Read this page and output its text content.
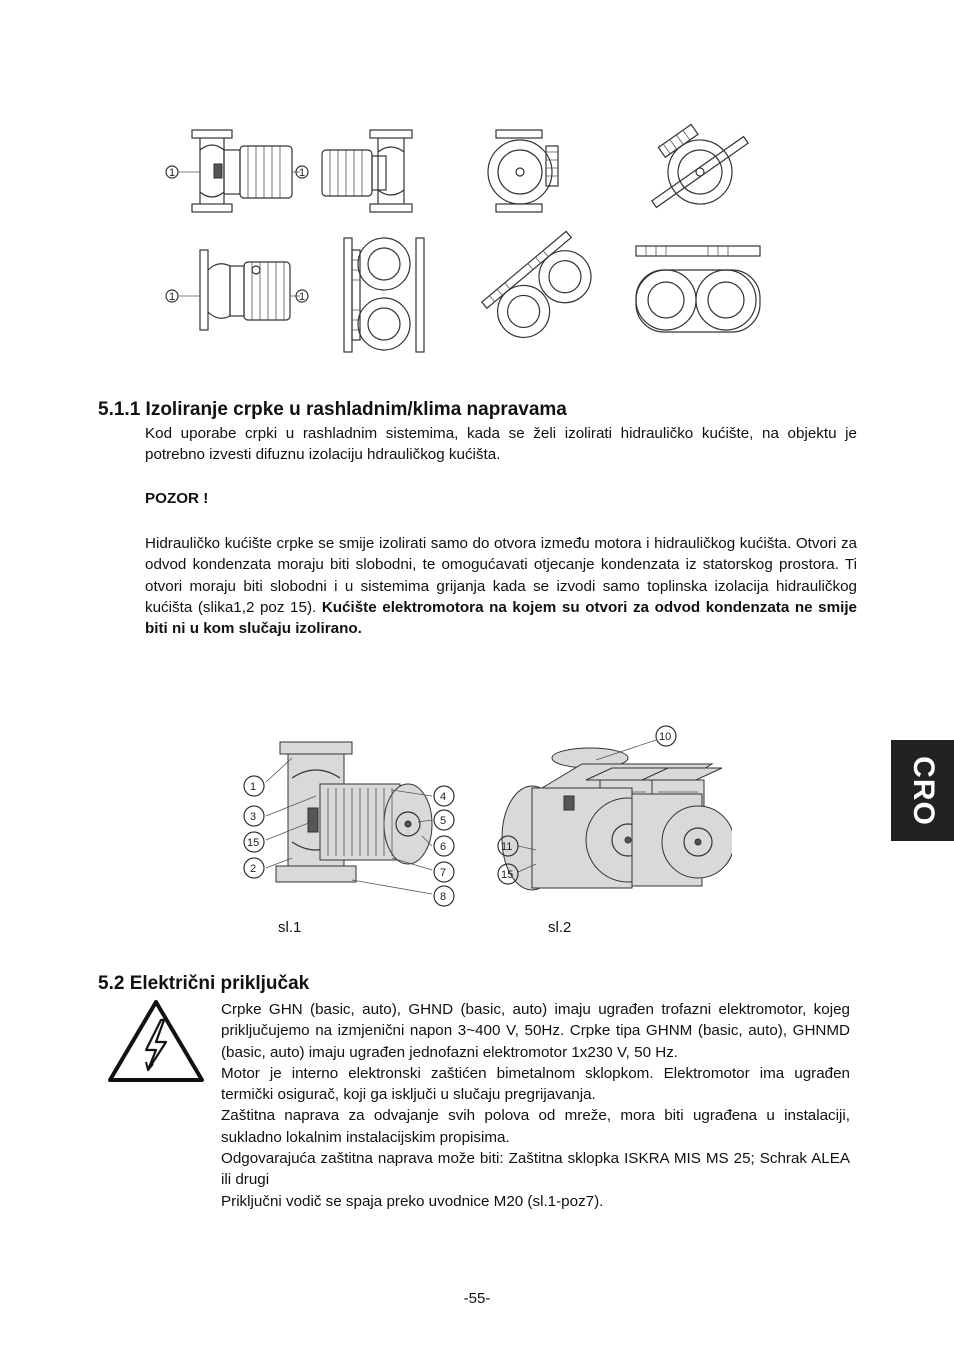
1	1
1	1
5.1.1 Izoliranje crpke u rashladnim/klima napravama

Kod uporabe crpki u rashladnim sistemima, kada se želi izolirati hidrauličko kućište, na objektu je potrebno izvesti difuznu izolaciju hdrauličkog kućišta.

POZOR !

Hidrauličko kućište crpke se smije izolirati samo do otvora između motora i hidrauličkog kućišta. Otvori za odvod kondenzata moraju biti slobodni, te omogućavati otjecanje kondenzata iz statorskog prostora. Ti otvori moraju biti slobodni i u sistemima grijanja kada se izvodi samo toplinska izolacija hidrauličkog kućišta (slika1,2 poz 15). Kućište elektromotora na kojem su otvori za odvod kondenzata ne smije biti ni u kom slučaju izolirano.

1
3
15
2
4
5
6
7
8
10
11
15
sl.1	sl.2
CRO
5.2 Električni priključak

Crpke GHN (basic, auto), GHND (basic, auto) imaju ugrađen trofazni elektromotor, kojeg priključujemo na izmjenični napon 3~400 V, 50Hz. Crpke tipa GHNM (basic, auto), GHNMD (basic, auto) imaju ugrađen jednofazni elektromotor 1x230 V, 50 Hz.

Motor je interno elektronski zaštićen bimetalnom sklopkom. Elektromotor ima ugrađen termički osigurač, koji ga isključi u slučaju pregrijavanja.

Zaštitna naprava za odvajanje svih polova od mreže, mora biti ugrađena u instalaciji, sukladno lokalnim instalacijskim propisima.

Odgovarajuća zaštitna naprava može biti: Zaštitna sklopka ISKRA MIS MS 25; Schrak ALEA ili drugi

Priključni vodič se spaja preko uvodnice M20 (sl.1-poz7).

-55-
